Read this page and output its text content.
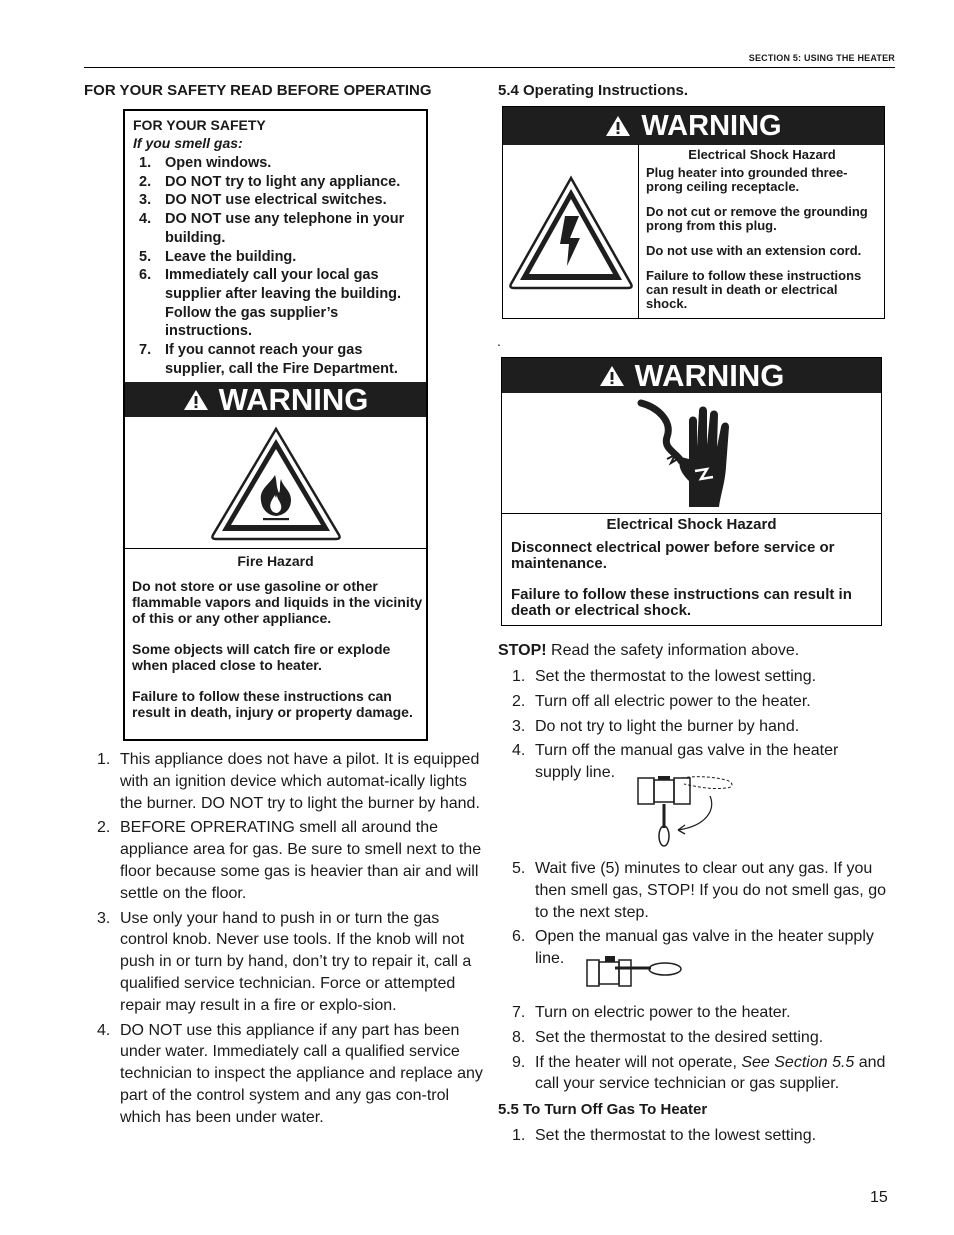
SECTION 5: USING THE HEATER
FOR YOUR SAFETY READ BEFORE OPERATING
FOR YOUR SAFETY
If you smell gas:
1. Open windows.
2. DO NOT try to light any appliance.
3. DO NOT use electrical switches.
4. DO NOT use any telephone in your building.
5. Leave the building.
6. Immediately call your local gas supplier after leaving the building. Follow the gas supplier’s instructions.
7. If you cannot reach your gas supplier, call the Fire Department.
WARNING
Fire Hazard

Do not store or use gasoline or other flammable vapors and liquids in the vicinity of this or any other appliance.

Some objects will catch fire or explode when placed close to heater.

Failure to follow these instructions can result in death, injury or property damage.

1. This appliance does not have a pilot. It is equipped with an ignition device which automat-ically lights the burner. DO NOT try to light the burner by hand.
2. BEFORE OPRERATING smell all around the appliance area for gas. Be sure to smell next to the floor because some gas is heavier than air and will settle on the floor.
3. Use only your hand to push in or turn the gas control knob. Never use tools. If the knob will not push in or turn by hand, don’t try to repair it, call a qualified service technician. Force or attempted repair may result in a fire or explo-sion.
4. DO NOT use this appliance if any part has been under water. Immediately call a qualified service technician to inspect the appliance and replace any part of the control system and any gas con-trol which has been under water.
5.4 Operating Instructions.
WARNING
Electrical Shock Hazard

Plug heater into grounded three-prong ceiling receptacle.

Do not cut or remove the grounding prong from this plug.

Do not use with an extension cord.

Failure to follow these instructions can result in death or electrical shock.

.
WARNING
Electrical Shock Hazard

Disconnect electrical power before service or maintenance.

Failure to follow these instructions can result in death or electrical shock.

STOP! Read the safety information above.
1. Set the thermostat to the lowest setting.
2. Turn off all electric power to the heater.
3. Do not try to light the burner by hand.
4. Turn off the manual gas valve in the heater supply line.
5. Wait five (5) minutes to clear out any gas. If you then smell gas, STOP! If you do not smell gas, go to the next step.
6. Open the manual gas valve in the heater supply line.
7. Turn on electric power to the heater.
8. Set the thermostat to the desired setting.
9. If the heater will not operate, See Section 5.5 and call your service technician or gas supplier.
5.5 To Turn Off Gas To Heater
1. Set the thermostat to the lowest setting.
15
